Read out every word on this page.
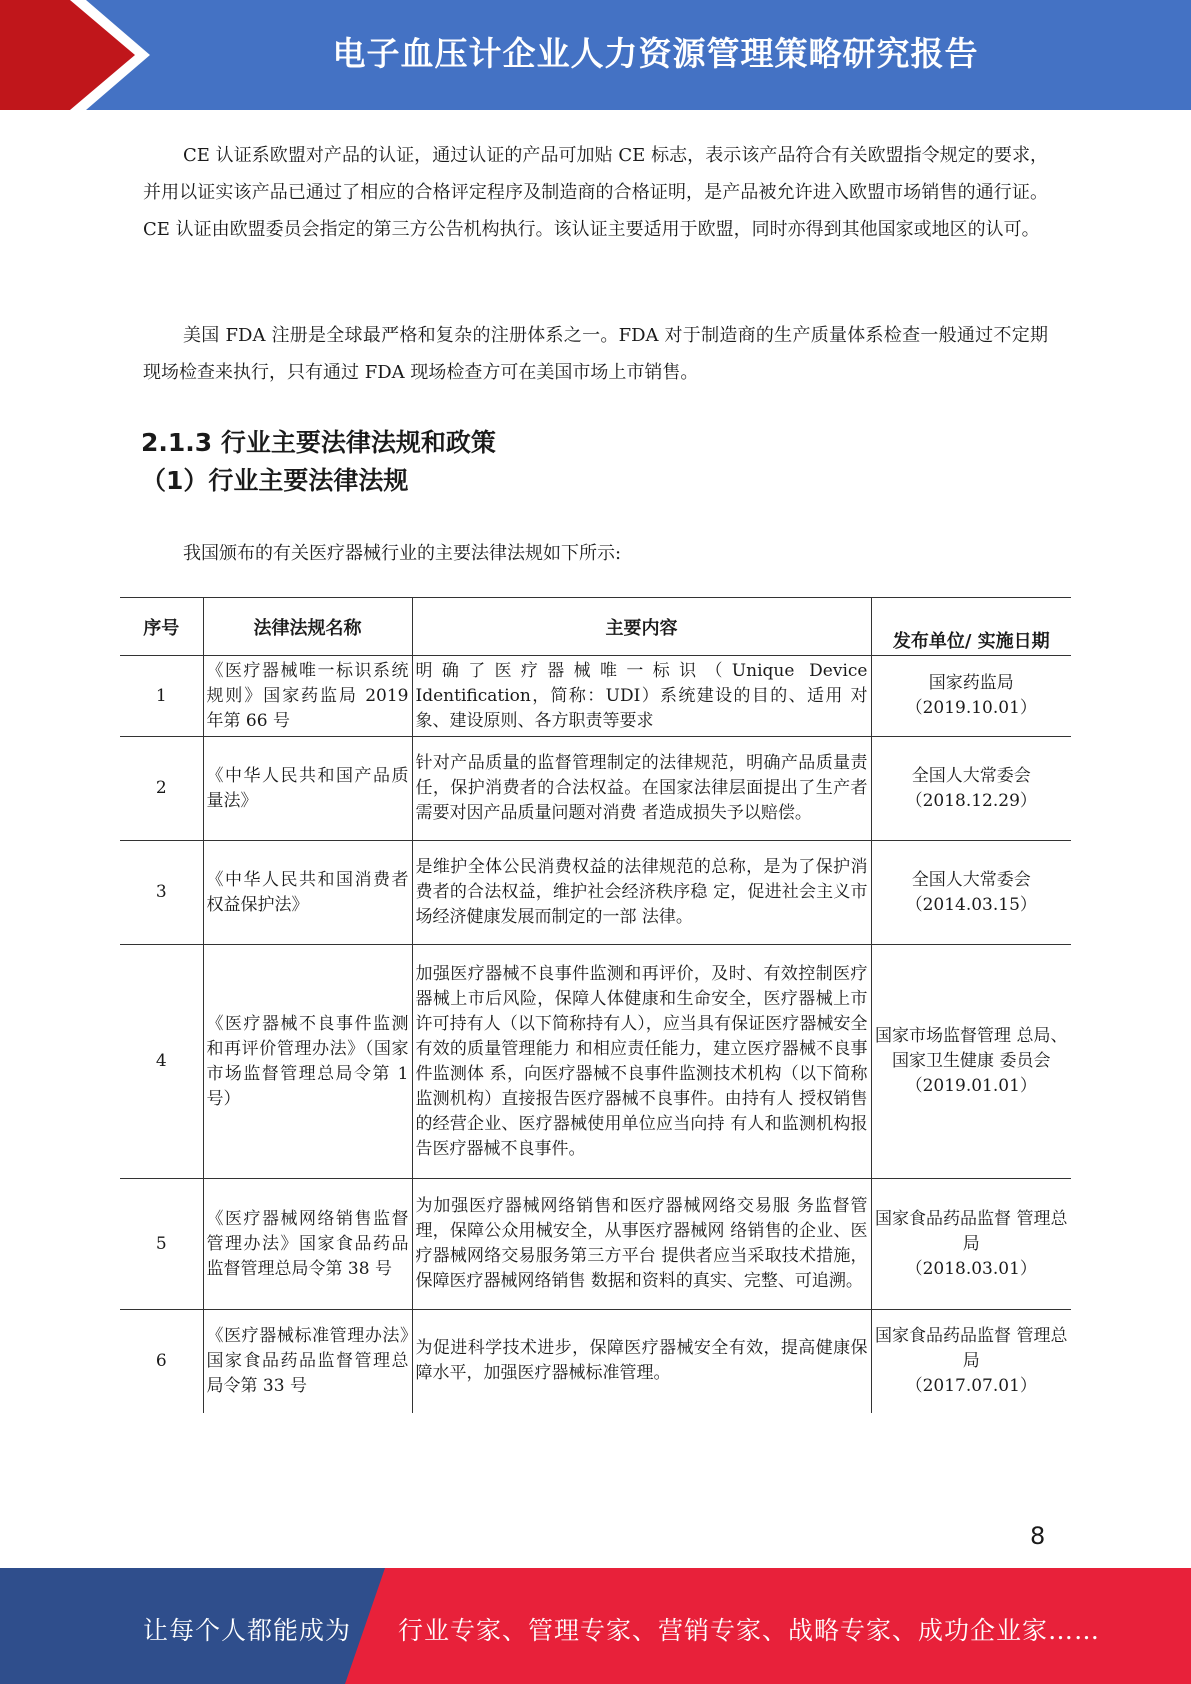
电子血压计企业人力资源管理策略研究报告

CE 认证系欧盟对产品的认证，通过认证的产品可加贴 CE 标志，表示该产品符合有关欧盟指令规定的要求，并用以证实该产品已通过了相应的合格评定程序及制造商的合格证明，是产品被允许进入欧盟市场销售的通行证。CE 认证由欧盟委员会指定的第三方公告机构执行。该认证主要适用于欧盟，同时亦得到其他国家或地区的认可。

美国 FDA 注册是全球最严格和复杂的注册体系之一。FDA 对于制造商的生产质量体系检查一般通过不定期现场检查来执行，只有通过 FDA 现场检查方可在美国市场上市销售。

2.1.3 行业主要法律法规和政策
（1）行业主要法律法规

我国颁布的有关医疗器械行业的主要法律法规如下所示:

序号	法律法规名称	主要内容	发布单位/ 实施日期
1	《医疗器械唯一标识系统规则》国家药监局 2019 年第 66 号	明确了医疗器械唯一标识（Unique Device Identification，简称：UDI）系统建设的目的、适用 对象、建设原则、各方职责等要求	国家药监局
（2019.10.01）

2	《中华人民共和国产品质量法》	针对产品质量的监督管理制定的法律规范，明确产品质量责任，保护消费者的合法权益。在国家法律层面提出了生产者需要对因产品质量问题对消费 者造成损失予以赔偿。	全国人大常委会
（2018.12.29）

3	《中华人民共和国消费者权益保护法》	是维护全体公民消费权益的法律规范的总称，是为了保护消费者的合法权益，维护社会经济秩序稳 定，促进社会主义市场经济健康发展而制定的一部 法律。	全国人大常委会
（2014.03.15）

4	《医疗器械不良事件监测和再评价管理办法》（国家市场监督管理总局令第 1 号）	加强医疗器械不良事件监测和再评价，及时、有效控制医疗器械上市后风险，保障人体健康和生命安全，医疗器械上市许可持有人（以下简称持有人），应当具有保证医疗器械安全有效的质量管理能力 和相应责任能力，建立医疗器械不良事件监测体 系，向医疗器械不良事件监测技术机构（以下简称 监测机构）直接报告医疗器械不良事件。由持有人 授权销售的经营企业、医疗器械使用单位应当向持 有人和监测机构报告医疗器械不良事件。	国家市场监督管理 总局、国家卫生健康 委员会
（2019.01.01）

5	《医疗器械网络销售监督管理办法》国家食品药品监督管理总局令第 38 号	为加强医疗器械网络销售和医疗器械网络交易服 务监督管理，保障公众用械安全，从事医疗器械网 络销售的企业、医疗器械网络交易服务第三方平台 提供者应当采取技术措施，保障医疗器械网络销售 数据和资料的真实、完整、可追溯。	国家食品药品监督 管理总局
（2018.03.01）

6	《医疗器械标准管理办法》国家食品药品监督管理总局令第 33 号	为促进科学技术进步，保障医疗器械安全有效，提高健康保障水平，加强医疗器械标准管理。	国家食品药品监督 管理总局
（2017.07.01）
8
让每个人都能成为 行业专家、管理专家、营销专家、战略专家、成功企业家……
